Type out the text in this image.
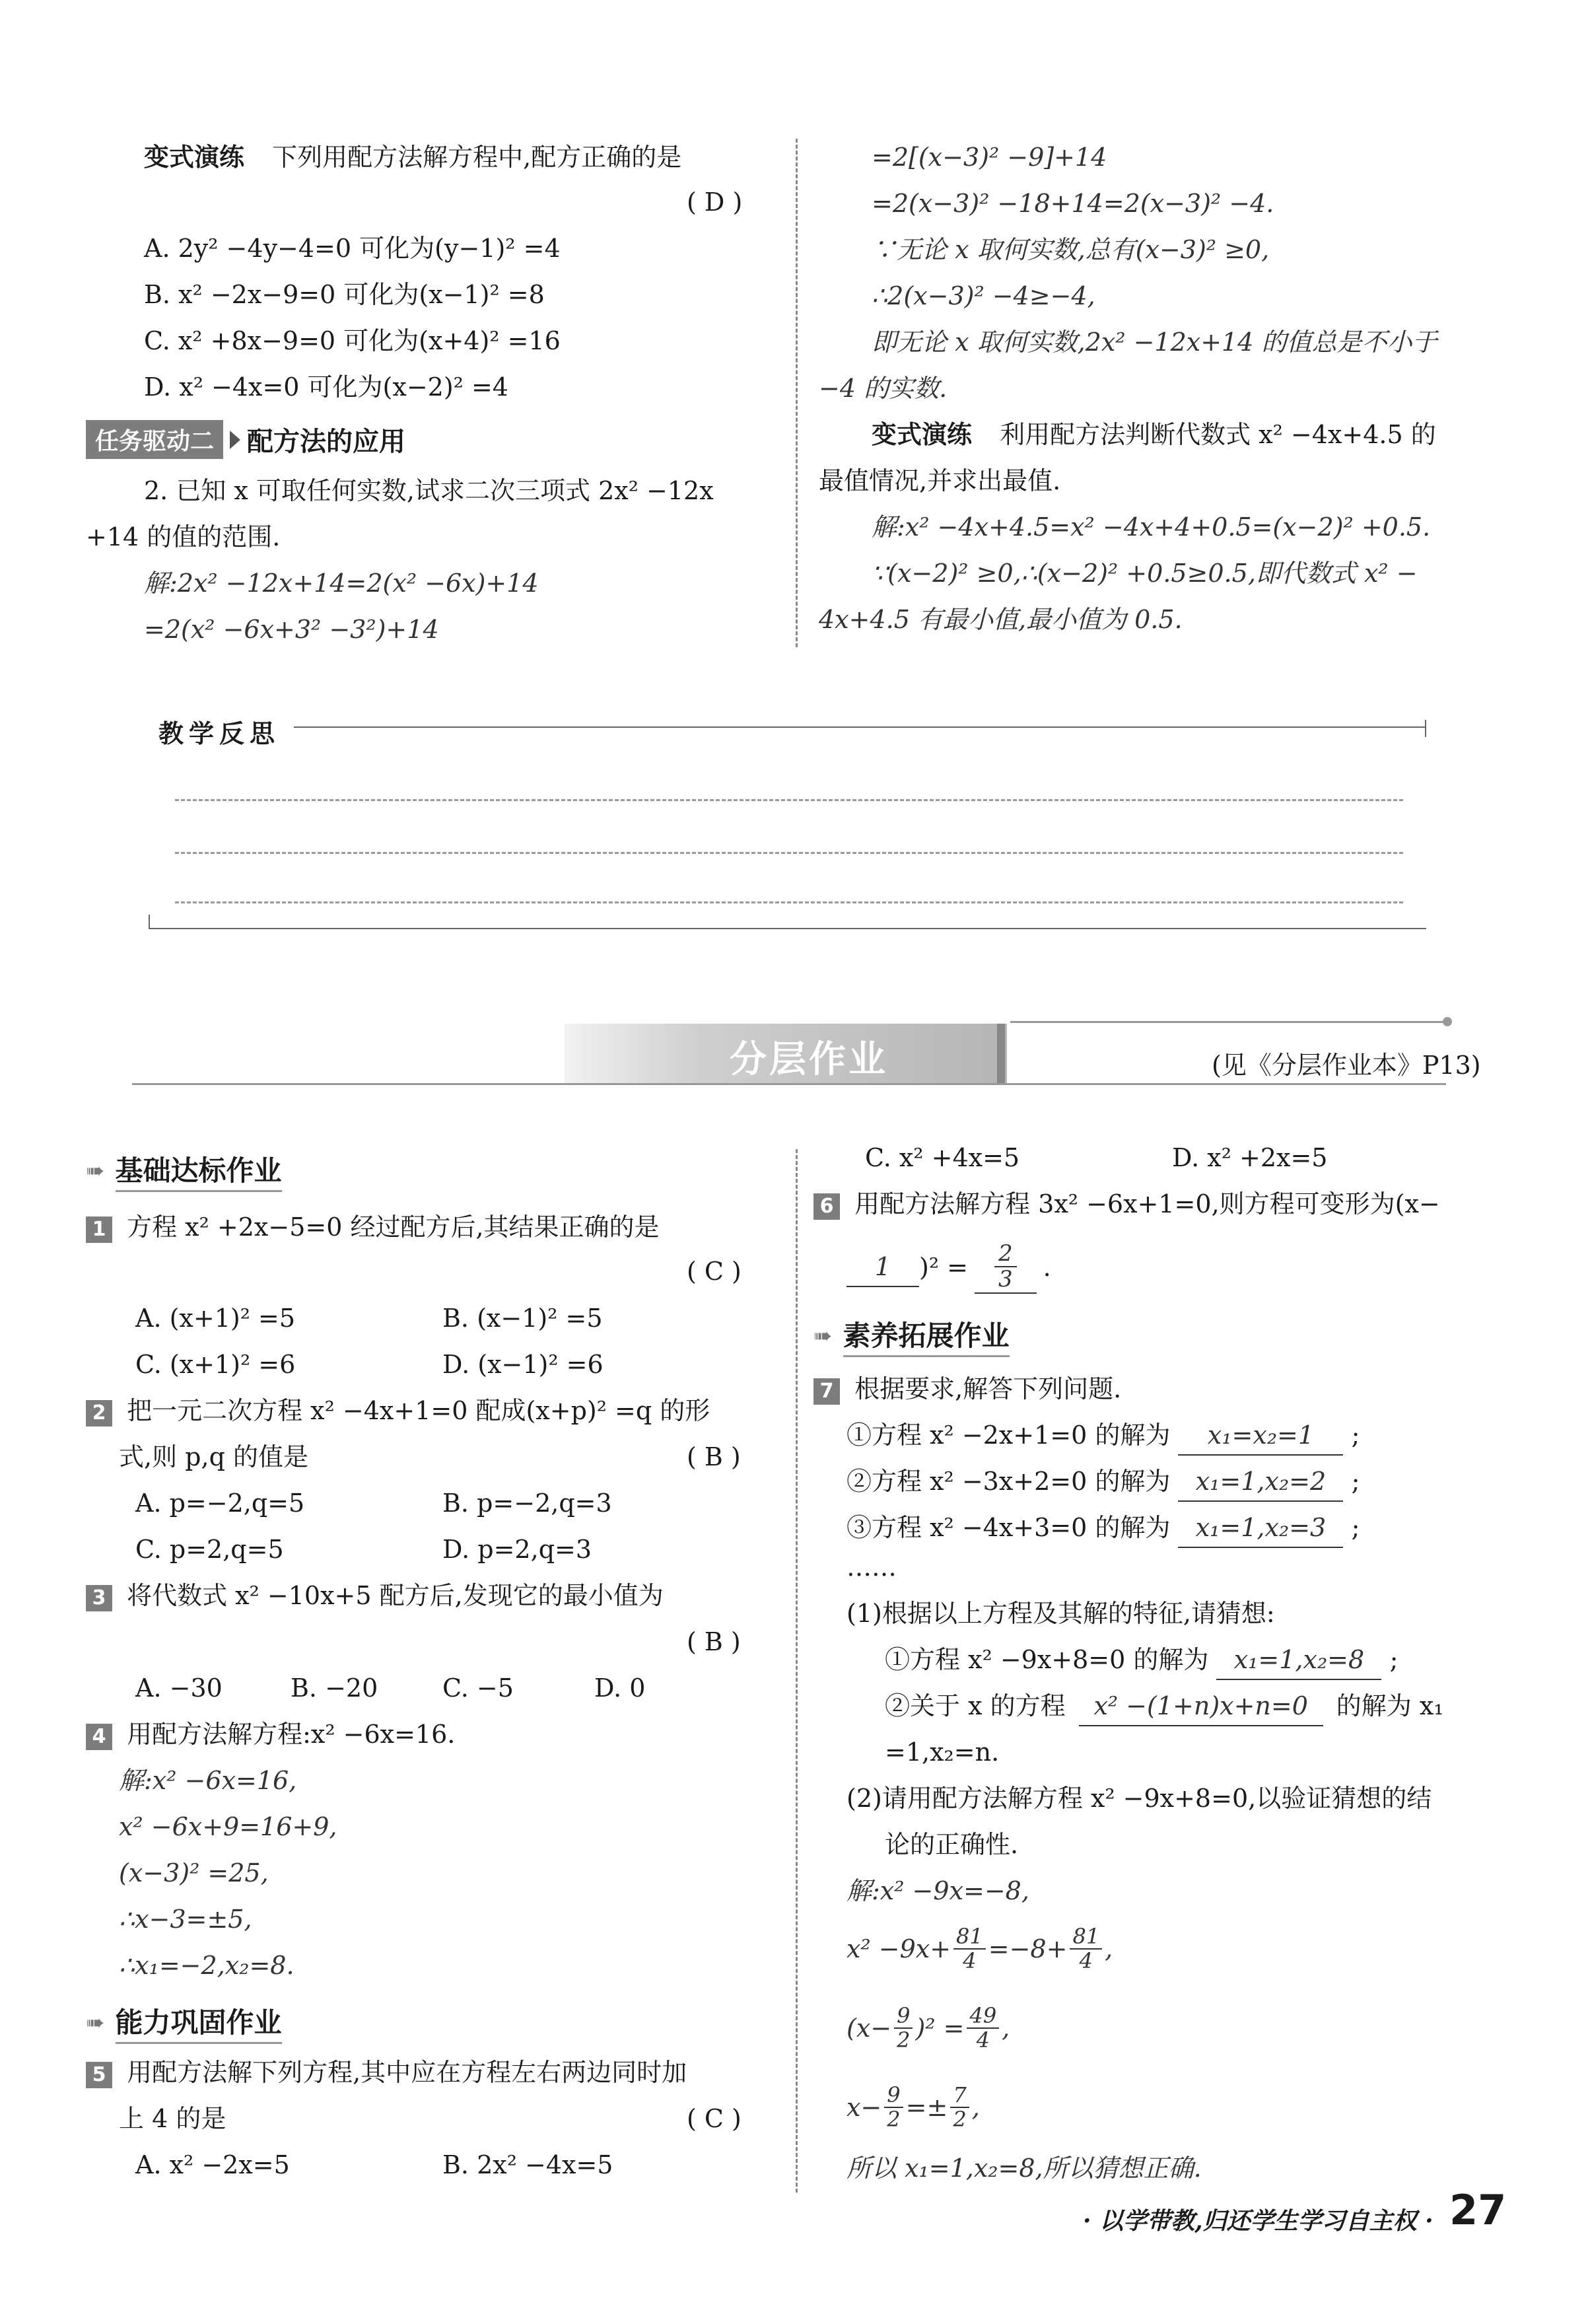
变式演练 下列用配方法解方程中,配方正确的是
( D )
A. 2y² −4y−4=0 可化为(y−1)² =4
B. x² −2x−9=0 可化为(x−1)² =8
C. x² +8x−9=0 可化为(x+4)² =16
D. x² −4x=0 可化为(x−2)² =4
任务驱动二	配方法的应用
2. 已知 x 可取任何实数,试求二次三项式 2x² −12x
+14 的值的范围.
解:2x² −12x+14=2(x² −6x)+14
=2(x² −6x+3² −3²)+14
=2[(x−3)² −9]+14
=2(x−3)² −18+14=2(x−3)² −4.
∵无论 x 取何实数,总有(x−3)² ≥0,
∴2(x−3)² −4≥−4,
即无论 x 取何实数,2x² −12x+14 的值总是不小于
−4 的实数.
变式演练 利用配方法判断代数式 x² −4x+4.5 的
最值情况,并求出最值.
解:x² −4x+4.5=x² −4x+4+0.5=(x−2)² +0.5.
∵(x−2)² ≥0,∴(x−2)² +0.5≥0.5,即代数式 x² −
4x+4.5 有最小值,最小值为 0.5.
教学反思
分层作业	(见《分层作业本》P13)
➠ 基础达标作业
1 方程 x² +2x−5=0 经过配方后,其结果正确的是
( C )
A. (x+1)² =5	B. (x−1)² =5
C. (x+1)² =6	D. (x−1)² =6
2 把一元二次方程 x² −4x+1=0 配成(x+p)² =q 的形
式,则 p,q 的值是	( B )
A. p=−2,q=5	B. p=−2,q=3
C. p=2,q=5	D. p=2,q=3
3 将代数式 x² −10x+5 配方后,发现它的最小值为
( B )
A. −30	B. −20	C. −5	D. 0
4 用配方法解方程:x² −6x=16.
解:x² −6x=16,
x² −6x+9=16+9,
(x−3)² =25,
∴x−3=±5,
∴x₁=−2,x₂=8.
➠ 能力巩固作业
5 用配方法解下列方程,其中应在方程左右两边同时加
上 4 的是	( C )
A. x² −2x=5	B. 2x² −4x=5
C. x² +4x=5	D. x² +2x=5
6 用配方法解方程 3x² −6x+1=0,则方程可变形为(x−
1	)$^2 = \frac{2}{3}$ .
➠ 素养拓展作业
7 根据要求,解答下列问题.
①方程 x² −2x+1=0 的解为 x₁=x₂=1 ;
②方程 x² −3x+2=0 的解为 x₁=1,x₂=2 ;
③方程 x² −4x+3=0 的解为 x₁=1,x₂=3 ;
……
(1)根据以上方程及其解的特征,请猜想:
①方程 x² −9x+8=0 的解为 x₁=1,x₂=8 ;
②关于 x 的方程 x² −(1+n)x+n=0 的解为 x₁
=1,x₂=n.
(2)请用配方法解方程 x² −9x+8=0,以验证猜想的结
论的正确性.
解:x² −9x=−8,
$x^2 -9x+ \frac{81}{4} =-8+ \frac{81}{4}$ ,
$(x- \frac{9}{2} )^2 = \frac{49}{4}$ ,
$x- \frac{9}{2} =\pm \frac{7}{2}$ ,
所以 x₁=1,x₂=8,所以猜想正确.
· 以学带教,归还学生学习自主权 · 27
